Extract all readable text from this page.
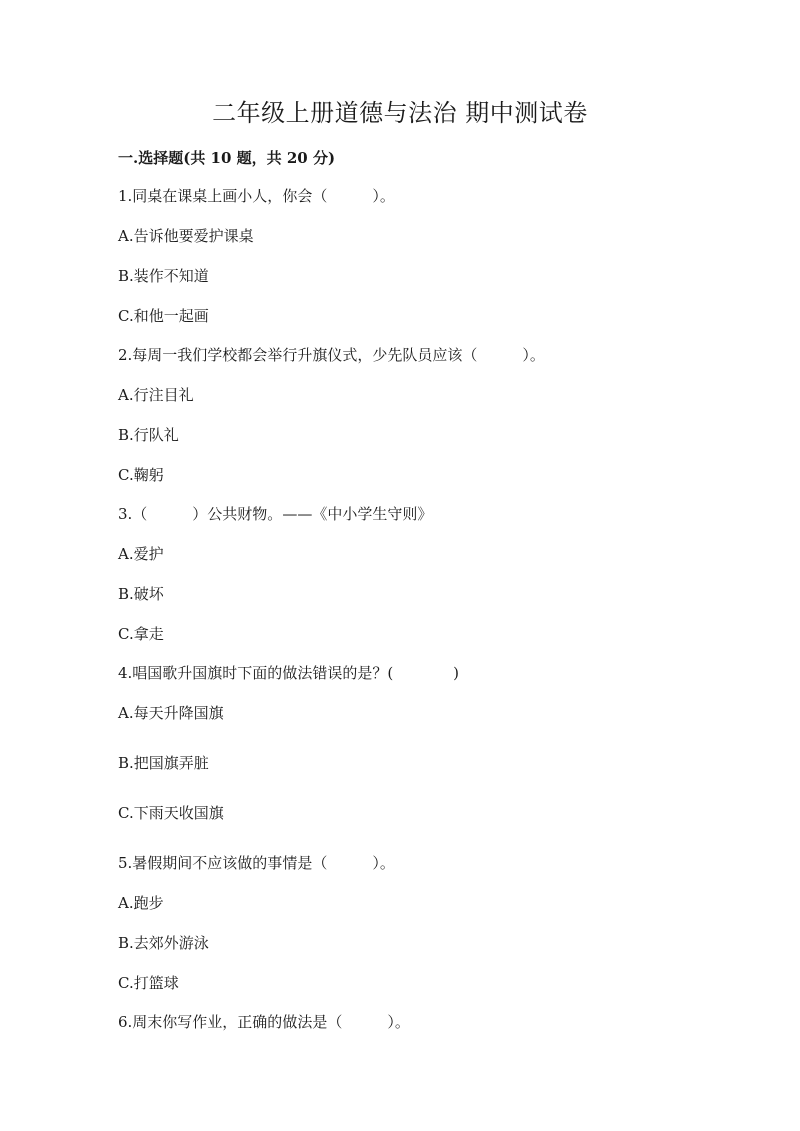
二年级上册道德与法治 期中测试卷
一.选择题(共 10 题，共 20 分)
1.同桌在课桌上画小人，你会（　　　）。
A.告诉他要爱护课桌
B.装作不知道
C.和他一起画
2.每周一我们学校都会举行升旗仪式，少先队员应该（　　　）。
A.行注目礼
B.行队礼
C.鞠躬
3.（　　　）公共财物。——《中小学生守则》
A.爱护
B.破坏
C.拿走
4.唱国歌升国旗时下面的做法错误的是？(　　　　)
A.每天升降国旗
B.把国旗弄脏
C.下雨天收国旗
5.暑假期间不应该做的事情是（　　　）。
A.跑步
B.去郊外游泳
C.打篮球
6.周末你写作业，正确的做法是（　　　）。
